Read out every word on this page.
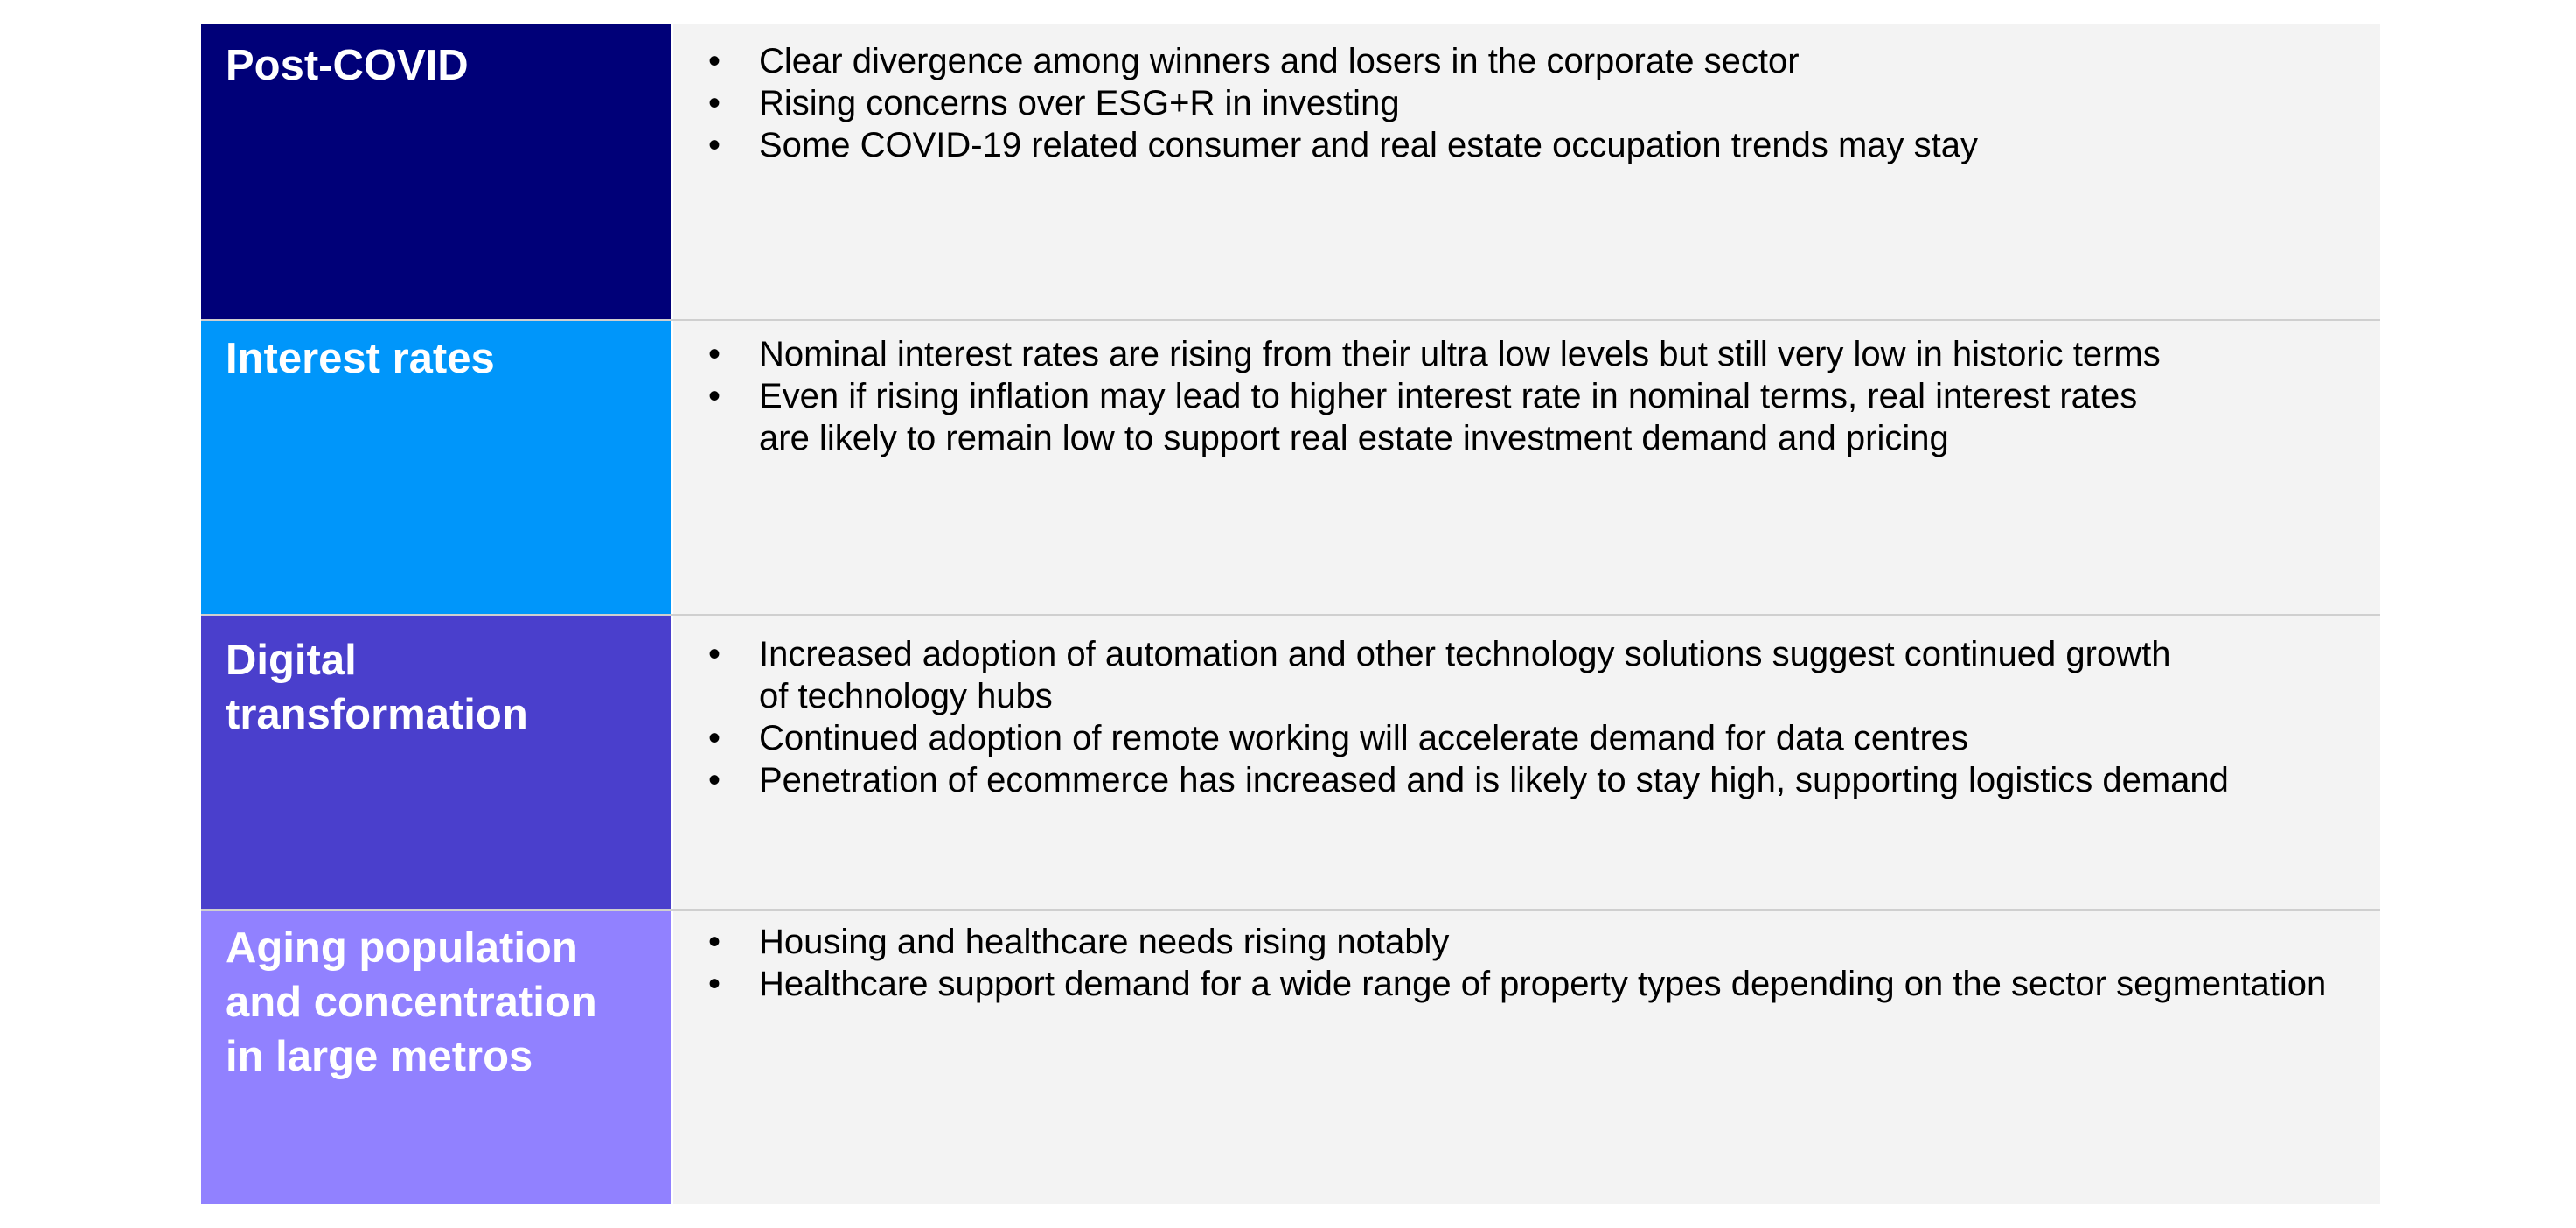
Post-COVID	• Clear divergence among winners and losers in the corporate sector
• Rising concerns over ESG+R in investing
• Some COVID-19 related consumer and real estate occupation trends may stay
Interest rates	• Nominal interest rates are rising from their ultra low levels but still very low in historic terms
• Even if rising inflation may lead to higher interest rate in nominal terms, real interest rates
are likely to remain low to support real estate investment demand and pricing
Digital
transformation
• Increased adoption of automation and other technology solutions suggest continued growth
of technology hubs
• Continued adoption of remote working will accelerate demand for data centres
• Penetration of ecommerce has increased and is likely to stay high, supporting logistics demand
Aging population
and concentration
in large metros
• Housing and healthcare needs rising notably
• Healthcare support demand for a wide range of property types depending on the sector segmentation
